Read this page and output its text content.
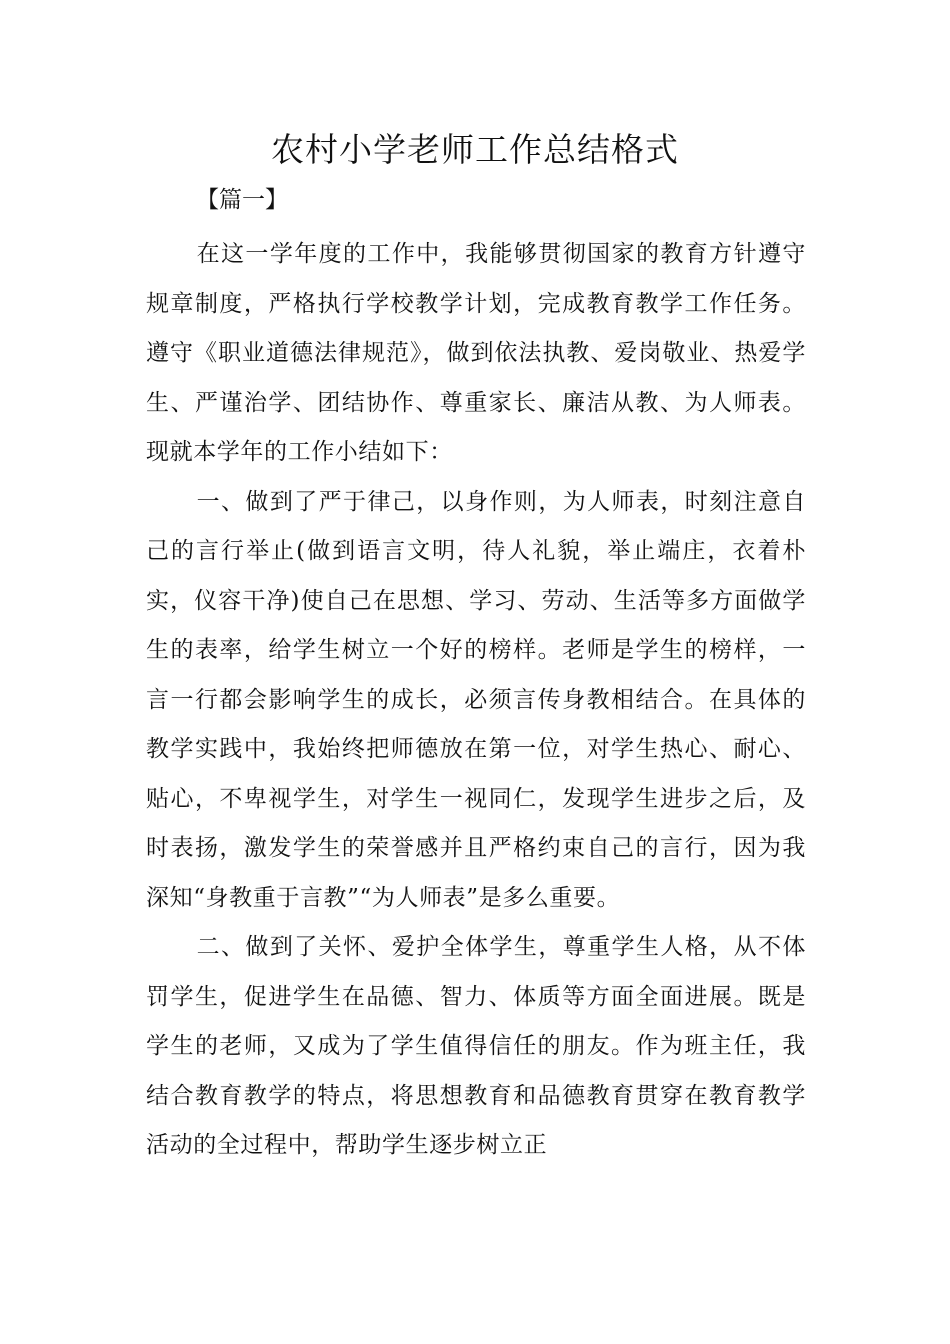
农村小学老师工作总结格式
【篇一】

在这一学年度的工作中，我能够贯彻国家的教育方针遵守规章制度，严格执行学校教学计划，完成教育教学工作任务。遵守《职业道德法律规范》，做到依法执教、爱岗敬业、热爱学生、严谨治学、团结协作、尊重家长、廉洁从教、为人师表。现就本学年的工作小结如下：

一、做到了严于律己，以身作则，为人师表，时刻注意自己的言行举止(做到语言文明，待人礼貌，举止端庄，衣着朴实，仪容干净)使自己在思想、学习、劳动、生活等多方面做学生的表率，给学生树立一个好的榜样。老师是学生的榜样，一言一行都会影响学生的成长，必须言传身教相结合。在具体的教学实践中，我始终把师德放在第一位，对学生热心、耐心、贴心，不卑视学生，对学生一视同仁，发现学生进步之后，及时表扬，激发学生的荣誉感并且严格约束自己的言行，因为我深知“身教重于言教”“为人师表”是多么重要。

二、做到了关怀、爱护全体学生，尊重学生人格，从不体罚学生，促进学生在品德、智力、体质等方面全面进展。既是学生的老师，又成为了学生值得信任的朋友。作为班主任，我结合教育教学的特点，将思想教育和品德教育贯穿在教育教学活动的全过程中，帮助学生逐步树立正
